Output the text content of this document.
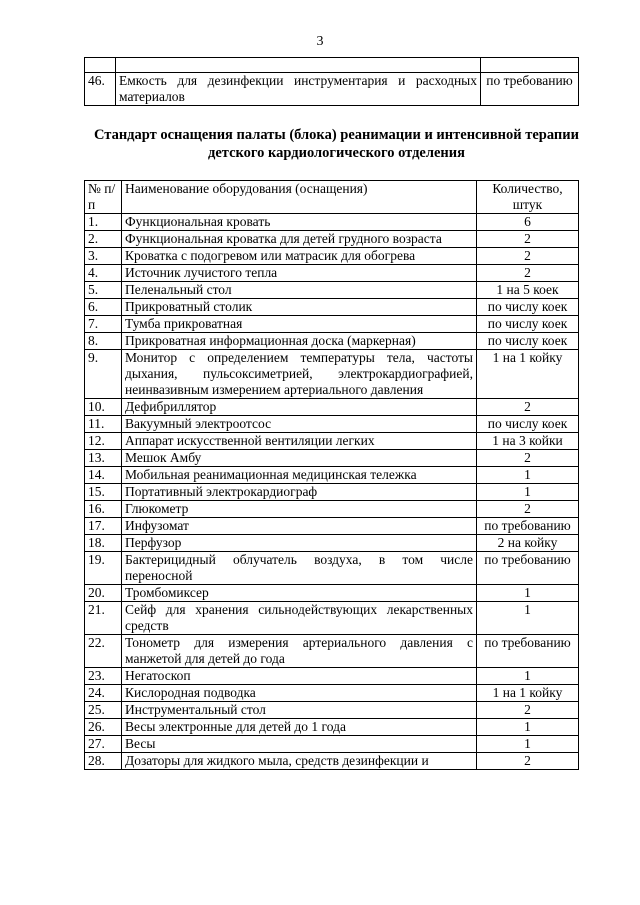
3

46.	Емкость для дезинфекции инструментария и расходных материалов	по требованию
Стандарт оснащения палаты (блока) реанимации и интенсивной терапии детского кардиологического отделения
№ п/п	Наименование оборудования (оснащения)	Количество, штук
1.	Функциональная кровать	6
2.	Функциональная кроватка для детей грудного возраста	2
3.	Кроватка с подогревом или матрасик для обогрева	2
4.	Источник лучистого тепла	2
5.	Пеленальный стол	1 на 5 коек
6.	Прикроватный столик	по числу коек
7.	Тумба прикроватная	по числу коек
8.	Прикроватная информационная доска (маркерная)	по числу коек
9.	Монитор с определением температуры тела, частоты дыхания, пульсоксиметрией, электрокардиографией, неинвазивным измерением артериального давления	1 на 1 койку
10.	Дефибриллятор	2
11.	Вакуумный электроотсос	по числу коек
12.	Аппарат искусственной вентиляции легких	1 на 3 койки
13.	Мешок Амбу	2
14.	Мобильная реанимационная медицинская тележка	1
15.	Портативный электрокардиограф	1
16.	Глюкометр	2
17.	Инфузомат	по требованию
18.	Перфузор	2 на койку
19.	Бактерицидный облучатель воздуха, в том числе переносной	по требованию
20.	Тромбомиксер	1
21.	Сейф для хранения сильнодействующих лекарственных средств	1
22.	Тонометр для измерения артериального давления с манжетой для детей до года	по требованию
23.	Негатоскоп	1
24.	Кислородная подводка	1 на 1 койку
25.	Инструментальный стол	2
26.	Весы электронные для детей до 1 года	1
27.	Весы	1
28.	Дозаторы для жидкого мыла, средств дезинфекции и	2
